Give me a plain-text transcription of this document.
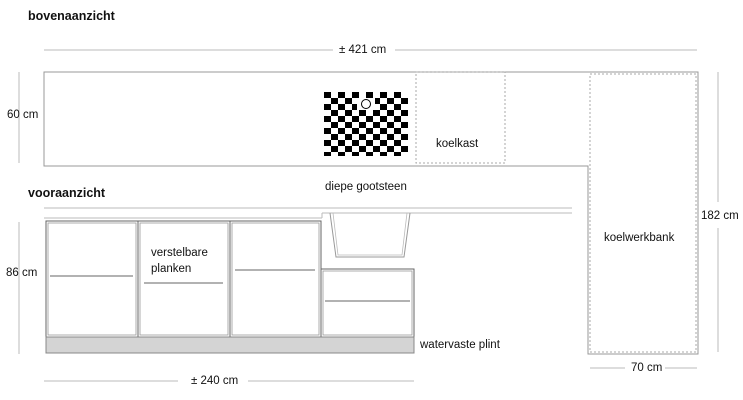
bovenaanzicht
± 421 cm
60 cm
koelkast
diepe gootsteen
vooraanzicht
86 cm
verstelbare
planken
watervaste plint
± 240 cm
koelwerkbank
182 cm
70 cm
